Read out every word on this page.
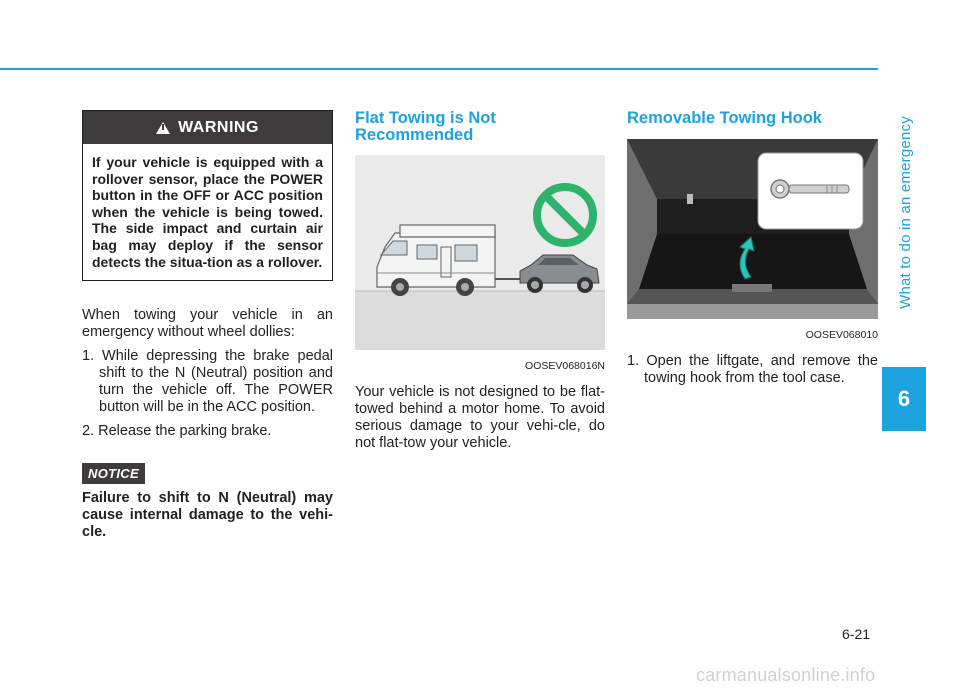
What to do in an emergency
6
WARNING
If your vehicle is equipped with a rollover sensor, place the POWER button in the OFF or ACC position when the vehicle is being towed. The side impact and curtain air bag may deploy if the sensor detects the situa-tion as a rollover.

When towing your vehicle in an emergency without wheel dollies:

1. While depressing the brake pedal shift to the N (Neutral) position and turn the vehicle off. The POWER button will be in the ACC position.

2. Release the parking brake.

NOTICE

Failure to shift to N (Neutral) may cause internal damage to the vehi-cle.

Flat Towing is Not Recommended
OOSEV068016N

Your vehicle is not designed to be flat-towed behind a motor home. To avoid serious damage to your vehi-cle, do not flat-tow your vehicle.

Removable Towing Hook
OOSEV068010

1. Open the liftgate, and remove the towing hook from the tool case.

6-21
carmanualsonline.info
